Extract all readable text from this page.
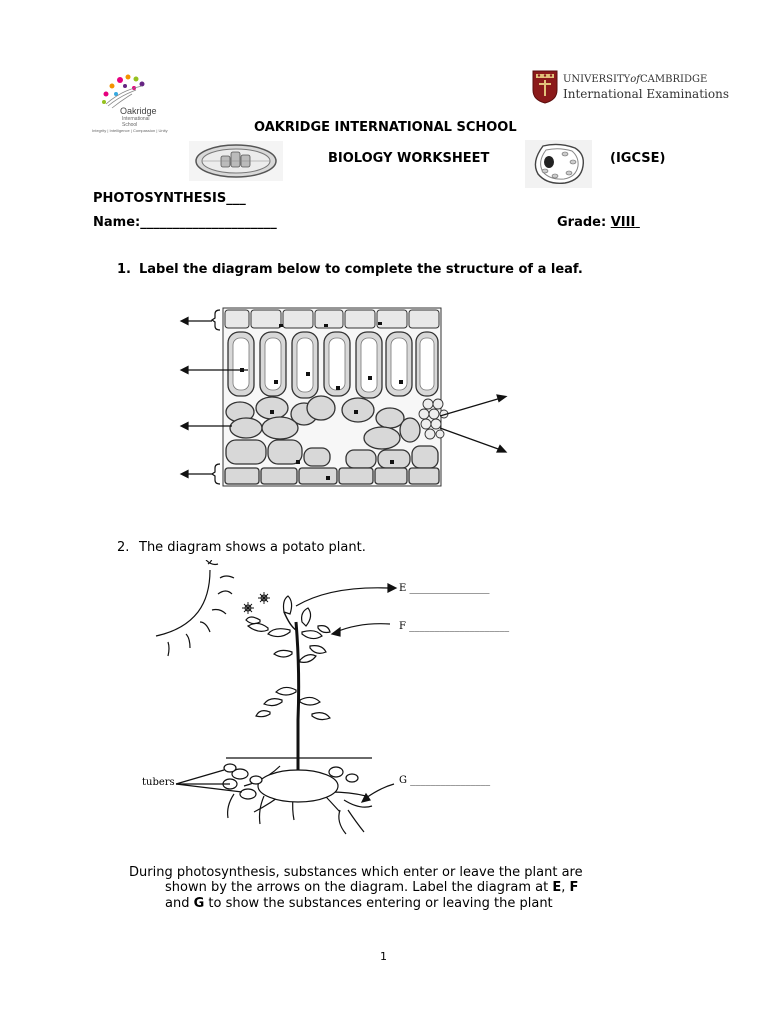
Oakridge
International School
Integrity | Intelligence | Compassion | Unity
UNIVERSITYofCAMBRIDGE
International Examinations
OAKRIDGE INTERNATIONAL SCHOOL
BIOLOGY WORKSHEET	(IGCSE)
PHOTOSYNTHESIS___
Name:_____________________	Grade: VIII
1. Label the diagram below to complete the structure of a leaf.
2. The diagram shows a potato plant.
E ________________
F ____________________
G ________________
tubers
During photosynthesis, substances which enter or leave the plant are
shown by the arrows on the diagram. Label the diagram at E, F
and G to show the substances entering or leaving the plant
1
